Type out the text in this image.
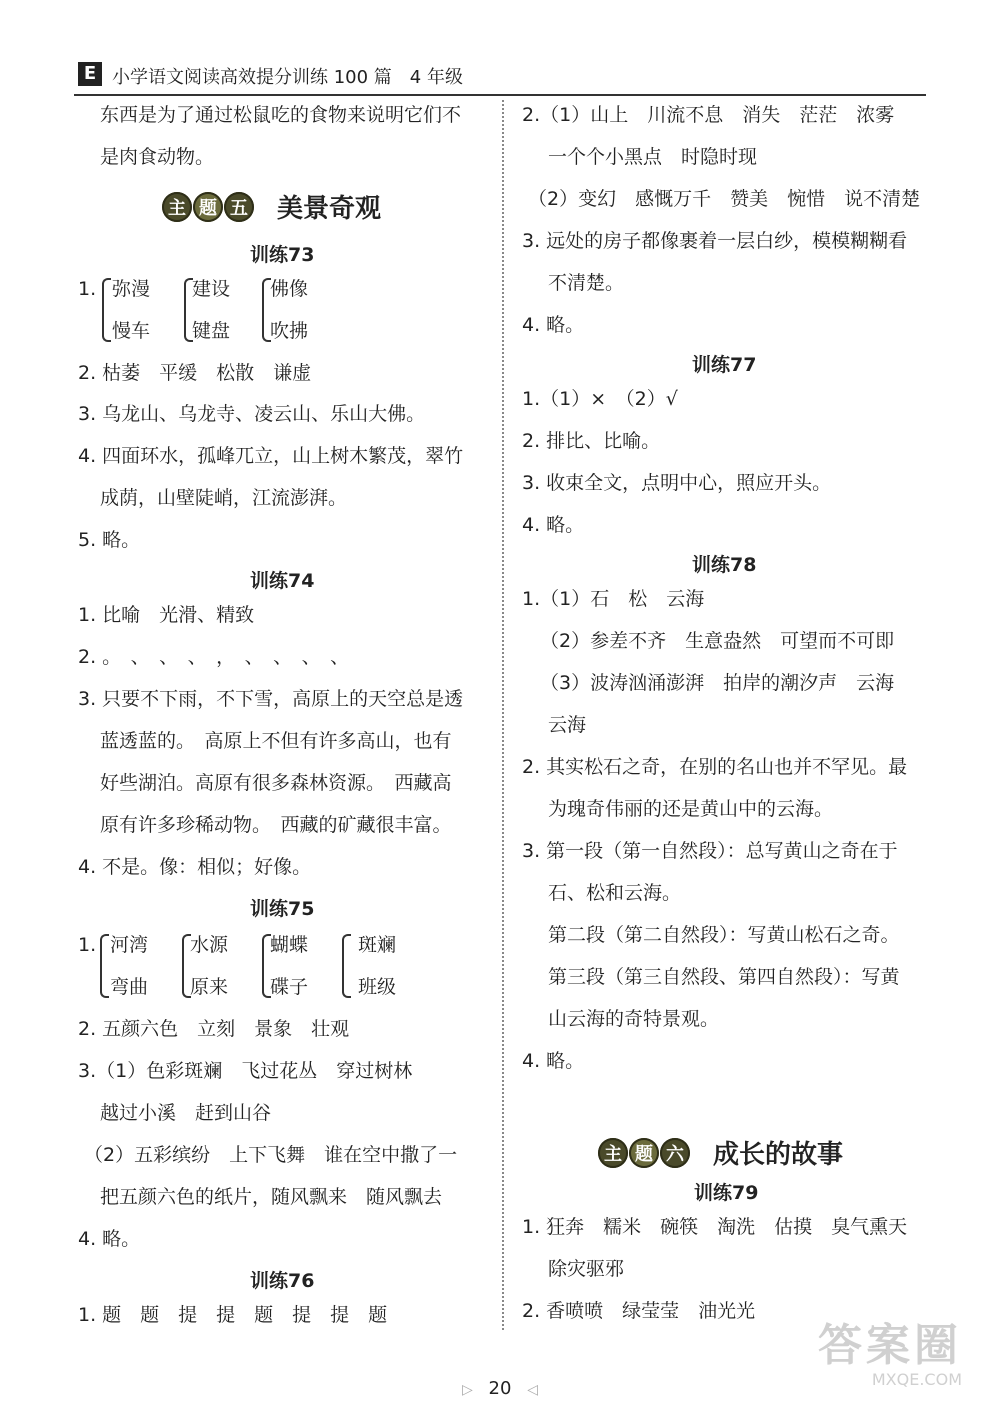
E 小学语文阅读高效提分训练 100 篇　4 年级
东西是为了通过松鼠吃的食物来说明它们不
是肉食动物。
主 题 五 美景奇观
训练73
1. 弥漫
慢车
建设
键盘
佛像
吹拂
2. 枯萎　平缓　松散　谦虚
3. 乌龙山、乌龙寺、凌云山、乐山大佛。
4. 四面环水，孤峰兀立，山上树木繁茂，翠竹
成荫，山壁陡峭，江流澎湃。
5. 略。
训练74
1. 比喻　光滑、精致
2. 。　、　、　、　，　、　、　、　、
3. 只要不下雨，不下雪，高原上的天空总是透
蓝透蓝的。　高原上不但有许多高山，也有
好些湖泊。高原有很多森林资源。　西藏高
原有许多珍稀动物。　西藏的矿藏很丰富。
4. 不是。像：相似；好像。
训练75
1. 河湾
弯曲
水源
原来
蝴蝶
碟子
斑斓
班级
2. 五颜六色　立刻　景象　壮观
3.（1）色彩斑斓　飞过花丛　穿过树林
越过小溪　赶到山谷
（2）五彩缤纷　上下飞舞　谁在空中撒了一
把五颜六色的纸片，随风飘来　随风飘去
4. 略。
训练76
1. 题　题　提　提　题　提　提　题
2.（1）山上　川流不息　消失　茫茫　浓雾
一个个小黑点　时隐时现
（2）变幻　感慨万千　赞美　惋惜　说不清楚
3. 远处的房子都像裹着一层白纱，模模糊糊看
不清楚。
4. 略。
训练77
1.（1）×　（2）√
2. 排比、比喻。
3. 收束全文，点明中心，照应开头。
4. 略。
训练78
1.（1）石　松　云海
（2）参差不齐　生意盎然　可望而不可即
（3）波涛汹涌澎湃　拍岸的潮汐声　云海
云海
2. 其实松石之奇，在别的名山也并不罕见。最
为瑰奇伟丽的还是黄山中的云海。
3. 第一段（第一自然段）：总写黄山之奇在于
石、松和云海。
第二段（第二自然段）：写黄山松石之奇。
第三段（第三自然段、第四自然段）：写黄
山云海的奇特景观。
4. 略。
主 题 六 成长的故事
训练79
1. 狂奔　糯米　碗筷　淘洗　估摸　臭气熏天
除灾驱邪
2. 香喷喷　绿莹莹　油光光
▷ 20 ◁
答案圈
MXQE.COM
